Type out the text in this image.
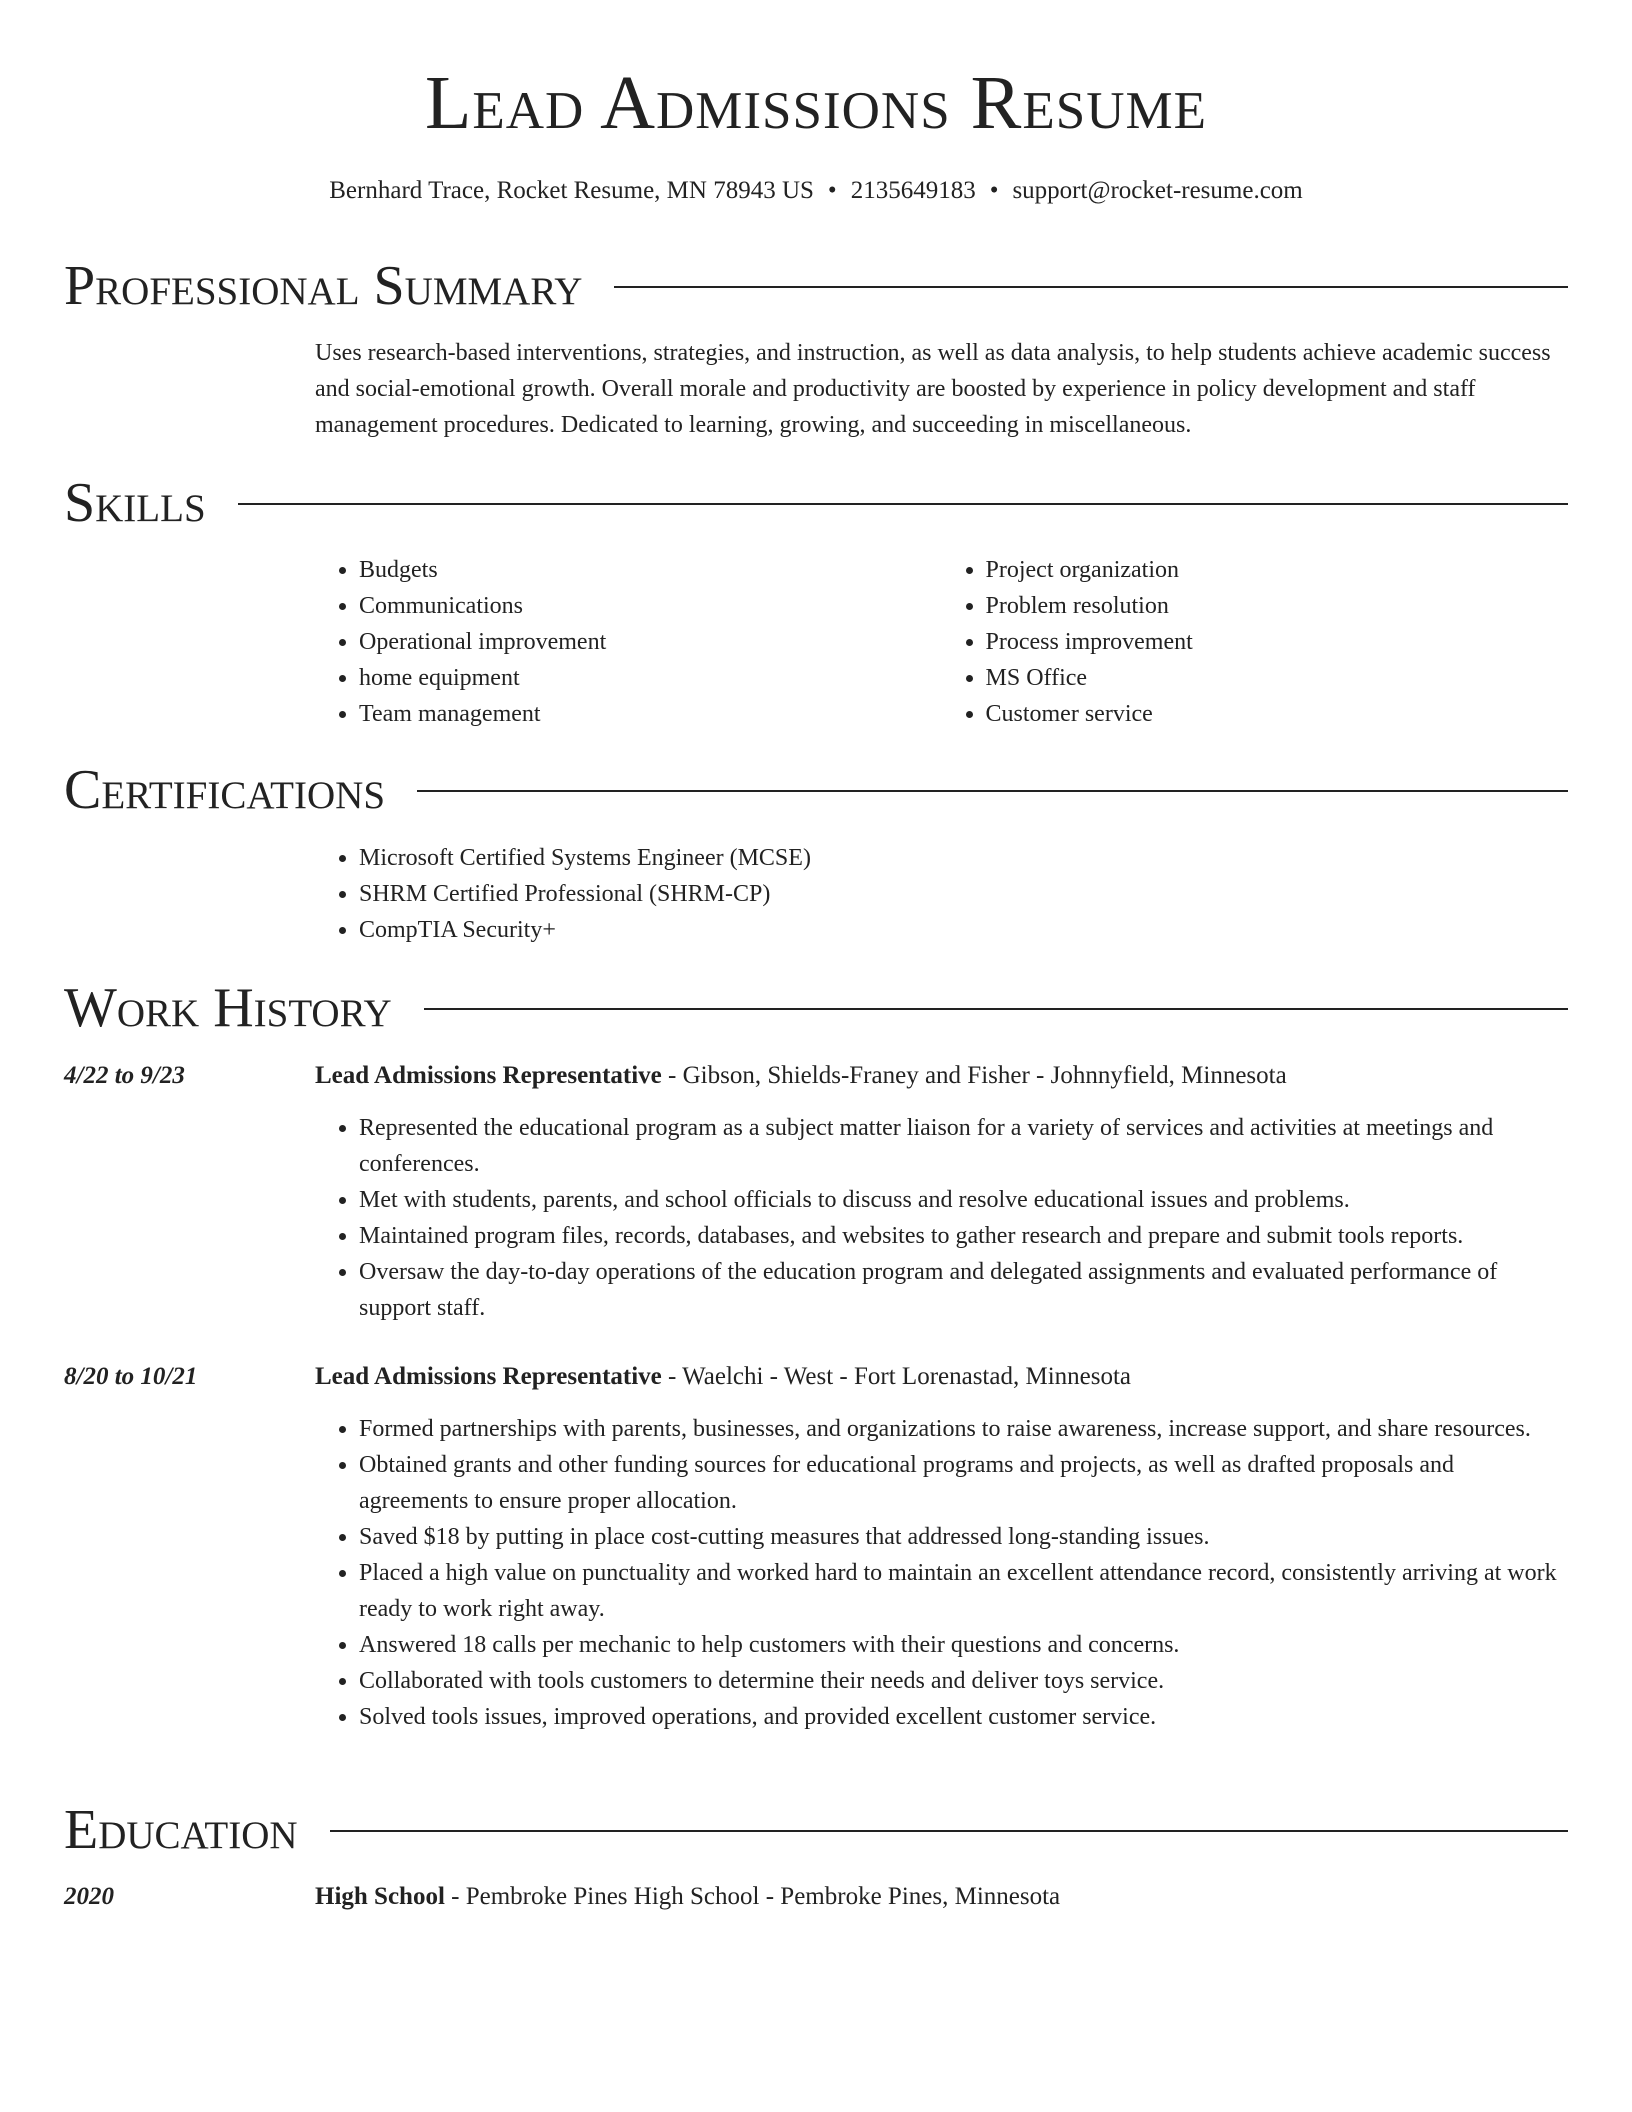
Lead Admissions Resume
Bernhard Trace, Rocket Resume, MN 78943 US • 2135649183 • support@rocket-resume.com
Professional Summary

Uses research-based interventions, strategies, and instruction, as well as data analysis, to help students achieve academic success and social-emotional growth. Overall morale and productivity are boosted by experience in policy development and staff management procedures. Dedicated to learning, growing, and succeeding in miscellaneous.

Skills
• Budgets
• Communications
• Operational improvement
• home equipment
• Team management
• Project organization
• Problem resolution
• Process improvement
• MS Office
• Customer service
Certifications
• Microsoft Certified Systems Engineer (MCSE)
• SHRM Certified Professional (SHRM-CP)
• CompTIA Security+
Work History
4/22 to 9/23	Lead Admissions Representative - Gibson, Shields-Franey and Fisher - Johnnyfield, Minnesota
• Represented the educational program as a subject matter liaison for a variety of services and activities at meetings and conferences.
• Met with students, parents, and school officials to discuss and resolve educational issues and problems.
• Maintained program files, records, databases, and websites to gather research and prepare and submit tools reports.
• Oversaw the day-to-day operations of the education program and delegated assignments and evaluated performance of support staff.
8/20 to 10/21	Lead Admissions Representative - Waelchi - West - Fort Lorenastad, Minnesota
• Formed partnerships with parents, businesses, and organizations to raise awareness, increase support, and share resources.
• Obtained grants and other funding sources for educational programs and projects, as well as drafted proposals and agreements to ensure proper allocation.
• Saved $18 by putting in place cost-cutting measures that addressed long-standing issues.
• Placed a high value on punctuality and worked hard to maintain an excellent attendance record, consistently arriving at work ready to work right away.
• Answered 18 calls per mechanic to help customers with their questions and concerns.
• Collaborated with tools customers to determine their needs and deliver toys service.
• Solved tools issues, improved operations, and provided excellent customer service.
Education
2020	High School - Pembroke Pines High School - Pembroke Pines, Minnesota
